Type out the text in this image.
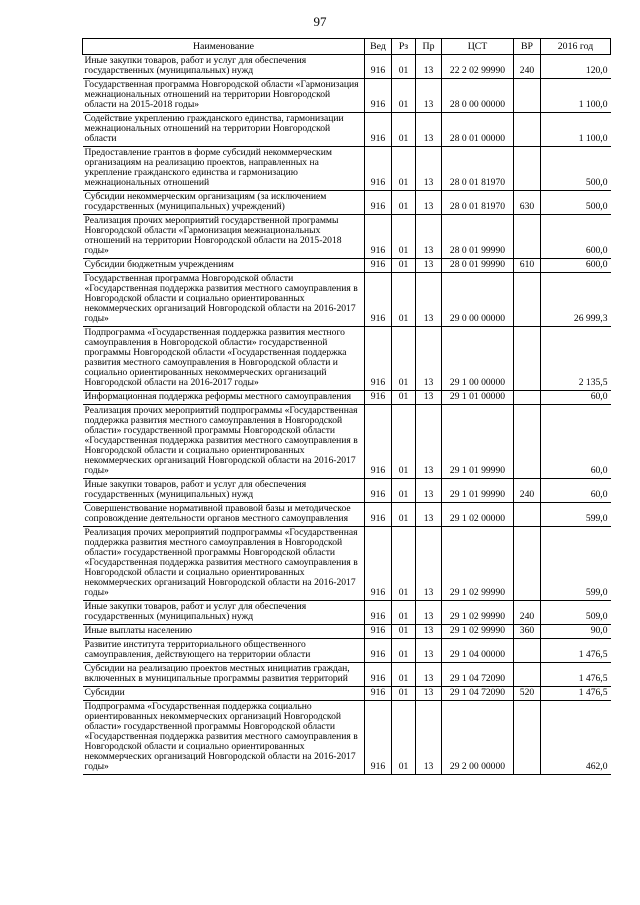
97
Наименование	Вед	Рз	Пр	ЦСТ	ВР	2016 год
Иные закупки товаров, работ и услуг для обеспечения государственных (муниципальных) нужд	916	01	13	22 2 02 99990	240	120,0
Государственная программа Новгородской области «Гармонизация межнациональных отношений на территории Новгородской области на 2015-2018 годы»	916	01	13	28 0 00 00000		1 100,0
Содействие укреплению гражданского единства, гармонизации межнациональных отношений на территории Новгородской области	916	01	13	28 0 01 00000		1 100,0
Предоставление грантов в форме субсидий некоммерческим организациям на реализацию проектов, направленных на укрепление гражданского единства и гармонизацию межнациональных отношений	916	01	13	28 0 01 81970		500,0
Субсидии некоммерческим организациям (за исключением государственных (муниципальных) учреждений)	916	01	13	28 0 01 81970	630	500,0
Реализация прочих мероприятий государственной программы Новгородской области «Гармонизация межнациональных отношений на территории Новгородской области на 2015-2018 годы»	916	01	13	28 0 01 99990		600,0
Субсидии бюджетным учреждениям	916	01	13	28 0 01 99990	610	600,0
Государственная программа Новгородской области «Государственная поддержка развития местного самоуправления в Новгородской области и социально ориентированных некоммерческих организаций Новгородской области на 2016-2017 годы»	916	01	13	29 0 00 00000		26 999,3
Подпрограмма «Государственная поддержка развития местного самоуправления в Новгородской области» государственной программы Новгородской области «Государственная поддержка развития местного самоуправления в Новгородской области и социально ориентированных некоммерческих организаций Новгородской области на 2016-2017 годы»	916	01	13	29 1 00 00000		2 135,5
Информационная поддержка реформы местного самоуправления	916	01	13	29 1 01 00000		60,0
Реализация прочих мероприятий подпрограммы «Государственная поддержка развития местного самоуправления в Новгородской области» государственной программы Новгородской области «Государственная поддержка развития местного самоуправления в Новгородской области и социально ориентированных некоммерческих организаций Новгородской области на 2016-2017 годы»	916	01	13	29 1 01 99990		60,0
Иные закупки товаров, работ и услуг для обеспечения государственных (муниципальных) нужд	916	01	13	29 1 01 99990	240	60,0
Совершенствование нормативной правовой базы и методическое сопровождение деятельности органов местного самоуправления	916	01	13	29 1 02 00000		599,0
Реализация прочих мероприятий подпрограммы «Государственная поддержка развития местного самоуправления в Новгородской области» государственной программы Новгородской области «Государственная поддержка развития местного самоуправления в Новгородской области и социально ориентированных некоммерческих организаций Новгородской области на 2016-2017 годы»	916	01	13	29 1 02 99990		599,0
Иные закупки товаров, работ и услуг для обеспечения государственных (муниципальных) нужд	916	01	13	29 1 02 99990	240	509,0
Иные выплаты населению	916	01	13	29 1 02 99990	360	90,0
Развитие института территориального общественного самоуправления, действующего на территории области	916	01	13	29 1 04 00000		1 476,5
Субсидии на реализацию проектов местных инициатив граждан, включенных в муниципальные программы развития территорий	916	01	13	29 1 04 72090		1 476,5
Субсидии	916	01	13	29 1 04 72090	520	1 476,5
Подпрограмма «Государственная поддержка социально ориентированных некоммерческих организаций Новгородской области» государственной программы Новгородской области «Государственная поддержка развития местного самоуправления в Новгородской области и социально ориентированных некоммерческих организаций Новгородской области на 2016-2017 годы»	916	01	13	29 2 00 00000		462,0
